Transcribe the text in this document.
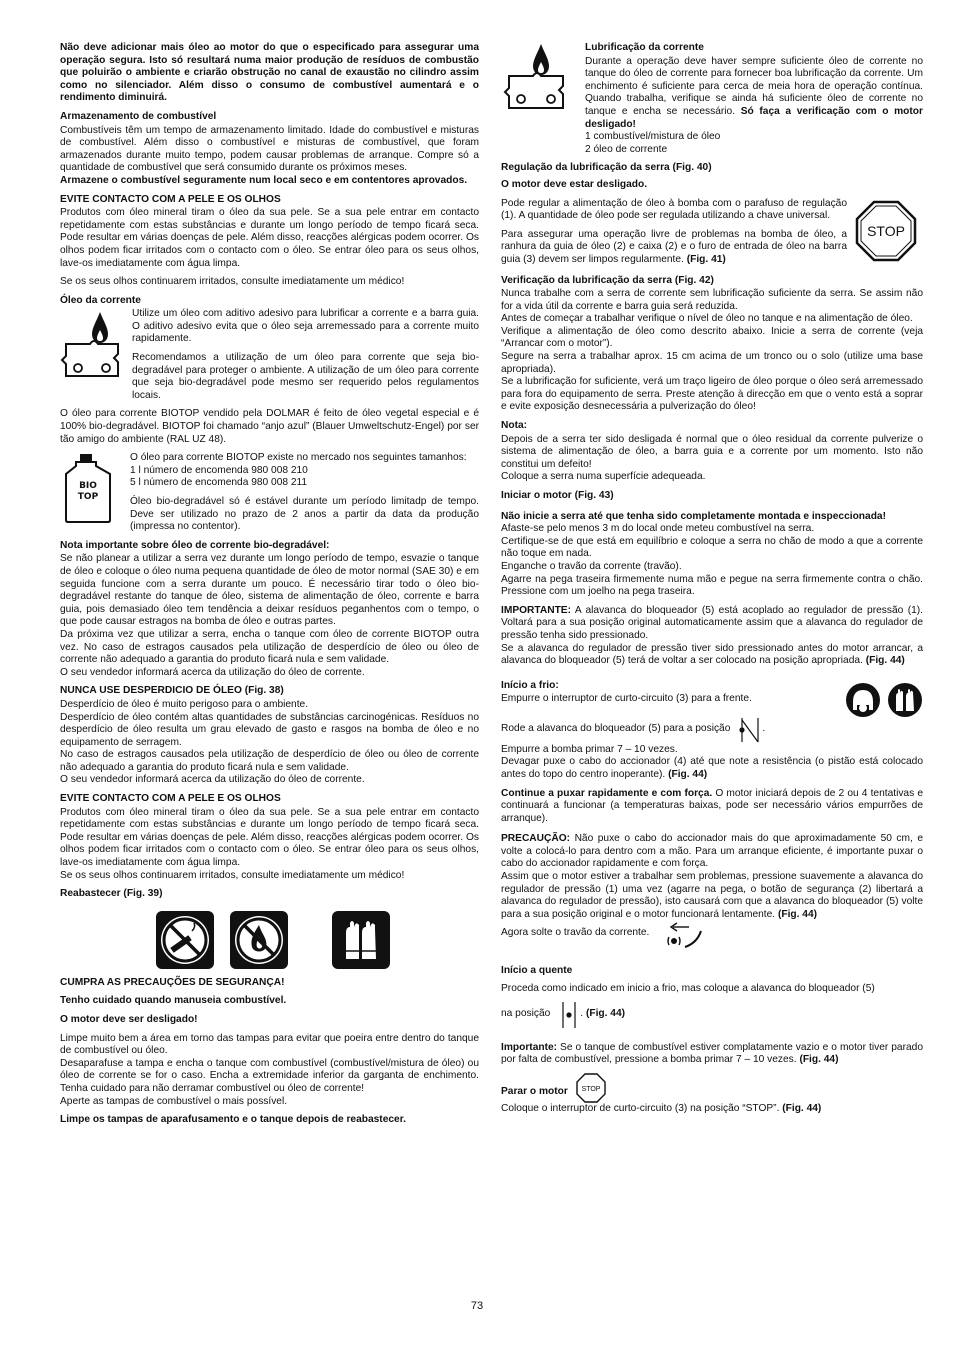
Não deve adicionar mais óleo ao motor do que o especificado para assegurar uma operação segura. Isto só resultará numa maior produção de resíduos de combustão que poluirão o ambiente e criarão obstrução no canal de exaustão no cilindro assim como no silenciador. Além disso o consumo de combustível aumentará e o rendimento diminuirá.

Armazenamento de combustível

Combustíveis têm um tempo de armazenamento limitado. Idade do combustível e misturas de combustível. Além disso o combustível e misturas de combustível, que foram armazenados durante muito tempo, podem causar problemas de arranque. Compre só a quantidade de combustível que será consumido durante os próximos meses.

Armazene o combustível seguramente num local seco e em contentores aprovados.

EVITE CONTACTO COM A PELE E OS OLHOS

Produtos com óleo mineral tiram o óleo da sua pele. Se a sua pele entrar em contacto repetidamente com estas substâncias e durante um longo período de tempo ficará seca. Pode resultar em várias doenças de pele. Além disso, reacções alérgicas podem ocorrer. Os olhos podem ficar irritados com o contacto com o óleo. Se entrar óleo para os seus olhos, lave-os imediatamente com água limpa.

Se os seus olhos continuarem irritados, consulte imediatamente um médico!

Óleo da corrente

Utilize um óleo com aditivo adesivo para lubrificar a corrente e a barra guia. O aditivo adesivo evita que o óleo seja arremessado para a corrente muito rapidamente.

Recomendamos a utilização de um óleo para corrente que seja bio-degradável para proteger o ambiente. A utilização de um óleo para corrente que seja bio-degradável pode mesmo ser requerido pelos regulamentos locais.

O óleo para corrente BIOTOP vendido pela DOLMAR é feito de óleo vegetal especial e é 100% bio-degradável. BIOTOP foi chamado “anjo azul” (Blauer Umweltschutz-Engel) por ser tão amigo do ambiente (RAL UZ 48).

BIO
TOP

O óleo para corrente BIOTOP existe no mercado nos seguintes tamanhos:

1 l número de encomenda 980 008 210
5 l número de encomenda 980 008 211

Óleo bio-degradável só é estável durante um período limitadp de tempo. Deve ser utilizado no prazo de 2 anos a partir da data da produção (impressa no contentor).

Nota importante sobre óleo de corrente bio-degradável:

Se não planear a utilizar a serra vez durante um longo período de tempo, esvazie o tanque de óleo e coloque o óleo numa pequena quantidade de óleo de motor normal (SAE 30) e em seguida funcione com a serra durante um pouco. É necessário tirar todo o óleo bio-degradável restante do tanque de óleo, sistema de alimentação de óleo, corrente e barra guia, pois demasiado óleo tem tendência a deixar resíduos peganhentos com o tempo, o que pode causar estragos na bomba de óleo e outras partes.

Da próxima vez que utilizar a serra, encha o tanque com óleo de corrente BIOTOP outra vez. No caso de estragos causados pela utilização de desperdício de óleo ou óleo de corrente não adequado a garantia do produto ficará nula e sem validade.

O seu vendedor informará acerca da utilização do óleo de corrente.

NUNCA USE DESPERDICIO DE ÓLEO (Fig. 38)

Desperdício de óleo é muito perigoso para o ambiente.

Desperdício de óleo contém altas quantidades de substâncias carcinogénicas. Resíduos no desperdício de óleo resulta um grau elevado de gasto e rasgos na bomba de óleo e no equipamento de serragem.

No caso de estragos causados pela utilização de desperdício de óleo ou óleo de corrente não adequado a garantia do produto ficará nula e sem validade.

O seu vendedor informará acerca da utilização do óleo de corrente.

EVITE CONTACTO COM A PELE E OS OLHOS

Produtos com óleo mineral tiram o óleo da sua pele. Se a sua pele entrar em contacto repetidamente com estas substâncias e durante um longo período de tempo ficará seca. Pode resultar em várias doenças de pele. Além disso, reacções alérgicas podem ocorrer. Os olhos podem ficar irritados com o contacto com o óleo. Se entrar óleo para os seus olhos, lave-os imediatamente com água limpa.

Se os seus olhos continuarem irritados, consulte imediatamente um médico!

Reabastecer (Fig. 39)
CUMPRA AS PRECAUÇÕES DE SEGURANÇA!

Tenho cuidado quando manuseia combustível.

O motor deve ser desligado!

Limpe muito bem a área em torno das tampas para evitar que poeira entre dentro do tanque de combustível ou óleo.

Desaparafuse a tampa e encha o tanque com combustível (combustível/mistura de óleo) ou óleo de corrente se for o caso. Encha a extremidade inferior da garganta de enchimento. Tenha cuidado para não derramar combustível ou óleo de corrente!

Aperte as tampas de combustível o mais possível.

Limpe os tampas de aparafusamento e o tanque depois de reabastecer.

Lubrificação da corrente

Durante a operação deve haver sempre suficiente óleo de corrente no tanque do óleo de corrente para fornecer boa lubrificação da corrente. Um enchimento é suficiente para cerca de meia hora de operação contínua. Quando trabalha, verifique se ainda há suficiente óleo de corrente no tanque e encha se necessário. Só faça a verificação com o motor desligado!

1 combustível/mistura de óleo
2 óleo de corrente
Regulação da lubrificação da serra (Fig. 40)

O motor deve estar desligado.

Pode regular a alimentação de óleo à bomba com o parafuso de regulação (1). A quantidade de óleo pode ser regulada utilizando a chave universal.

Para assegurar uma operação livre de problemas na bomba de óleo, a ranhura da guia de óleo (2) e caixa (2) e o furo de entrada de óleo na barra guia (3) devem ser limpos regularmente. (Fig. 41)

STOP
Verificação da lubrificação da serra (Fig. 42)

Nunca trabalhe com a serra de corrente sem lubrificação suficiente da serra. Se assim não for a vida útil da corrente e barra guia será reduzida.

Antes de começar a trabalhar verifique o nível de óleo no tanque e na alimentação de óleo.

Verifique a alimentação de óleo como descrito abaixo. Inicie a serra de corrente (veja “Arrancar com o motor”).

Segure na serra a trabalhar aprox. 15 cm acima de um tronco ou o solo (utilize uma base apropriada).

Se a lubrificação for suficiente, verá um traço ligeiro de óleo porque o óleo será arremessado para fora do equipamento de serra. Preste atenção à direcção em que o vento está a soprar e evite exposição desnecessária a pulverização do óleo!

Nota:

Depois de a serra ter sido desligada é normal que o óleo residual da corrente pulverize o sistema de alimentação de óleo, a barra guia e a corrente por um momento. Isto não constitui um defeito!

Coloque a serra numa superfície adequeada.

Iniciar o motor (Fig. 43)

Não inicie a serra até que tenha sido completamente montada e inspeccionada!

Afaste-se pelo menos 3 m do local onde meteu combustível na serra.

Certifique-se de que está em equilíbrio e coloque a serra no chão de modo a que a corrente não toque em nada.

Enganche o travão da corrente (travão).

Agarre na pega traseira firmemente numa mão e pegue na serra firmemente contra o chão. Pressione com um joelho na pega traseira.

IMPORTANTE: A alavanca do bloqueador (5) está acoplado ao regulador de pressão (1). Voltará para a sua posição original automaticamente assim que a alavanca do regulador de pressão tenha sido pressionado.

Se a alavanca do regulador de pressão tiver sido pressionado antes do motor arrancar, a alavanca do bloqueador (5) terá de voltar a ser colocado na posição apropriada. (Fig. 44)

Início a frio:

Empurre o interruptor de curto-circuito (3) para a frente.

Rode a alavanca do bloqueador (5) para a posição	.

Empurre a bomba primar 7 – 10 vezes.

Devagar puxe o cabo do accionador (4) até que note a resistência (o pistão está colocado antes do topo do centro inoperante). (Fig. 44)

Continue a puxar rapidamente e com força. O motor iniciará depois de 2 ou 4 tentativas e continuará a funcionar (a temperaturas baixas, pode ser necessário vários empurrões de arranque).

PRECAUÇÃO: Não puxe o cabo do accionador mais do que aproximadamente 50 cm, e volte a colocá-lo para dentro com a mão. Para um arranque eficiente, é importante puxar o cabo do accionador rapidamente e com força.

Assim que o motor estiver a trabalhar sem problemas, pressione suavemente a alavanca do regulador de pressão (1) uma vez (agarre na pega, o botão de segurança (2) libertará a alavanca do regulador de pressão), isto causará com que a alavanca do bloqueador (5) volte para a sua posição original e o motor funcionará lentamente. (Fig. 44)

Agora solte o travão da corrente.
Início a quente

Proceda como indicado em inicio a frio, mas coloque a alavanca do bloqueador (5)

na posição	. (Fig. 44)

Importante: Se o tanque de combustível estiver complatamente vazio e o motor tiver parado por falta de combustível, pressione a bomba primar 7 – 10 vezes. (Fig. 44)

Parar o motor STOP

Coloque o interruptor de curto-circuito (3) na posição “STOP”. (Fig. 44)

73
